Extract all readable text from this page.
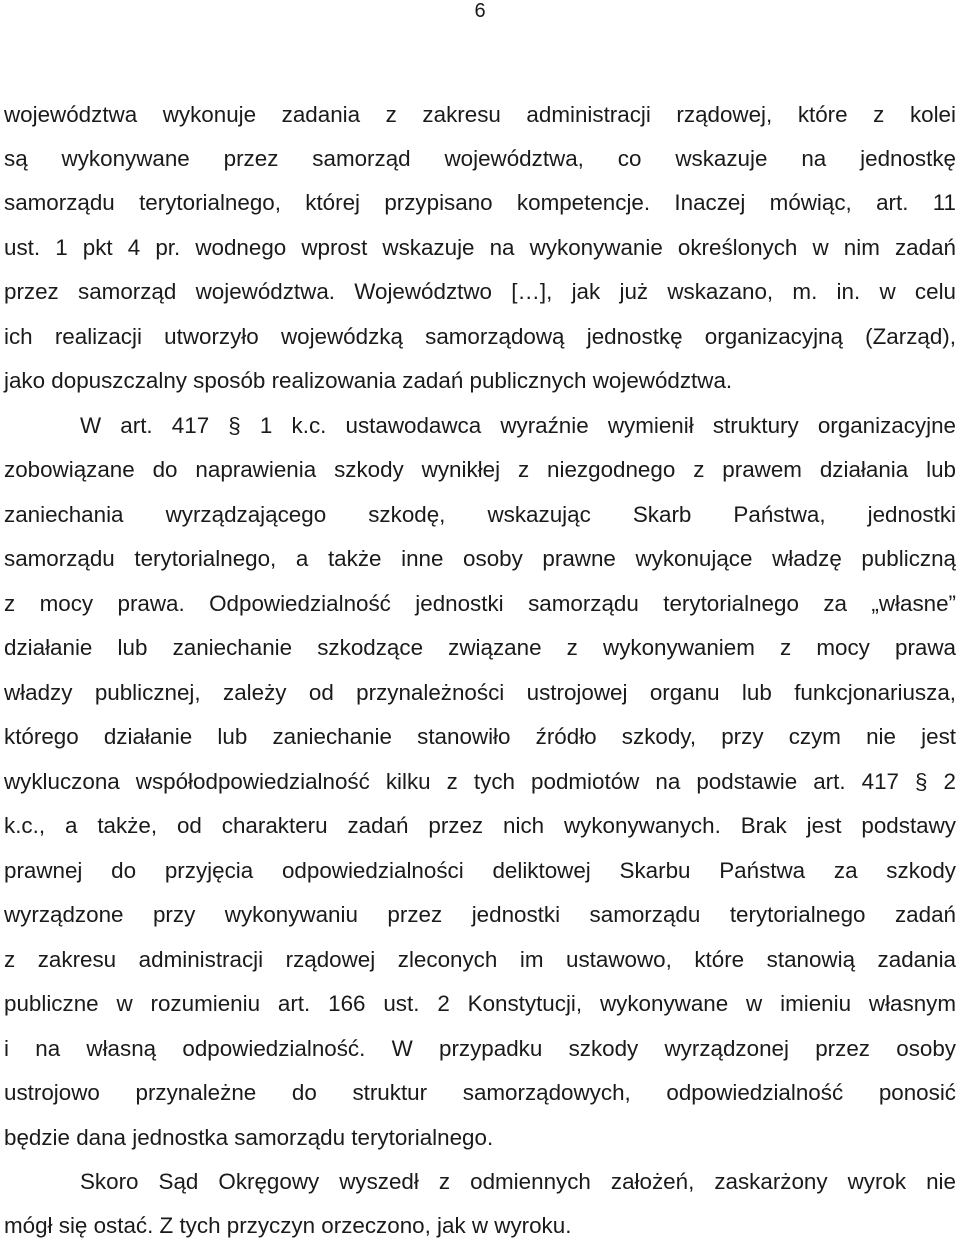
6
województwa wykonuje zadania z zakresu administracji rządowej, które z kolei
są wykonywane przez samorząd województwa, co wskazuje na jednostkę
samorządu terytorialnego, której przypisano kompetencje. Inaczej mówiąc, art. 11
ust. 1 pkt 4 pr. wodnego wprost wskazuje na wykonywanie określonych w nim zadań
przez samorząd województwa. Województwo […], jak już wskazano, m. in. w celu
ich realizacji utworzyło wojewódzką samorządową jednostkę organizacyjną (Zarząd),
jako dopuszczalny sposób realizowania zadań publicznych województwa.
W art. 417 § 1 k.c. ustawodawca wyraźnie wymienił struktury organizacyjne
zobowiązane do naprawienia szkody wynikłej z niezgodnego z prawem działania lub
zaniechania wyrządzającego szkodę, wskazując Skarb Państwa, jednostki
samorządu terytorialnego, a także inne osoby prawne wykonujące władzę publiczną
z mocy prawa. Odpowiedzialność jednostki samorządu terytorialnego za „własne”
działanie lub zaniechanie szkodzące związane z wykonywaniem z mocy prawa
władzy publicznej, zależy od przynależności ustrojowej organu lub funkcjonariusza,
którego działanie lub zaniechanie stanowiło źródło szkody, przy czym nie jest
wykluczona współodpowiedzialność kilku z tych podmiotów na podstawie art. 417 § 2
k.c., a także, od charakteru zadań przez nich wykonywanych. Brak jest podstawy
prawnej do przyjęcia odpowiedzialności deliktowej Skarbu Państwa za szkody
wyrządzone przy wykonywaniu przez jednostki samorządu terytorialnego zadań
z zakresu administracji rządowej zleconych im ustawowo, które stanowią zadania
publiczne w rozumieniu art. 166 ust. 2 Konstytucji, wykonywane w imieniu własnym
i na własną odpowiedzialność. W przypadku szkody wyrządzonej przez osoby
ustrojowo przynależne do struktur samorządowych, odpowiedzialność ponosić
będzie dana jednostka samorządu terytorialnego.
Skoro Sąd Okręgowy wyszedł z odmiennych założeń, zaskarżony wyrok nie
mógł się ostać. Z tych przyczyn orzeczono, jak w wyroku.
